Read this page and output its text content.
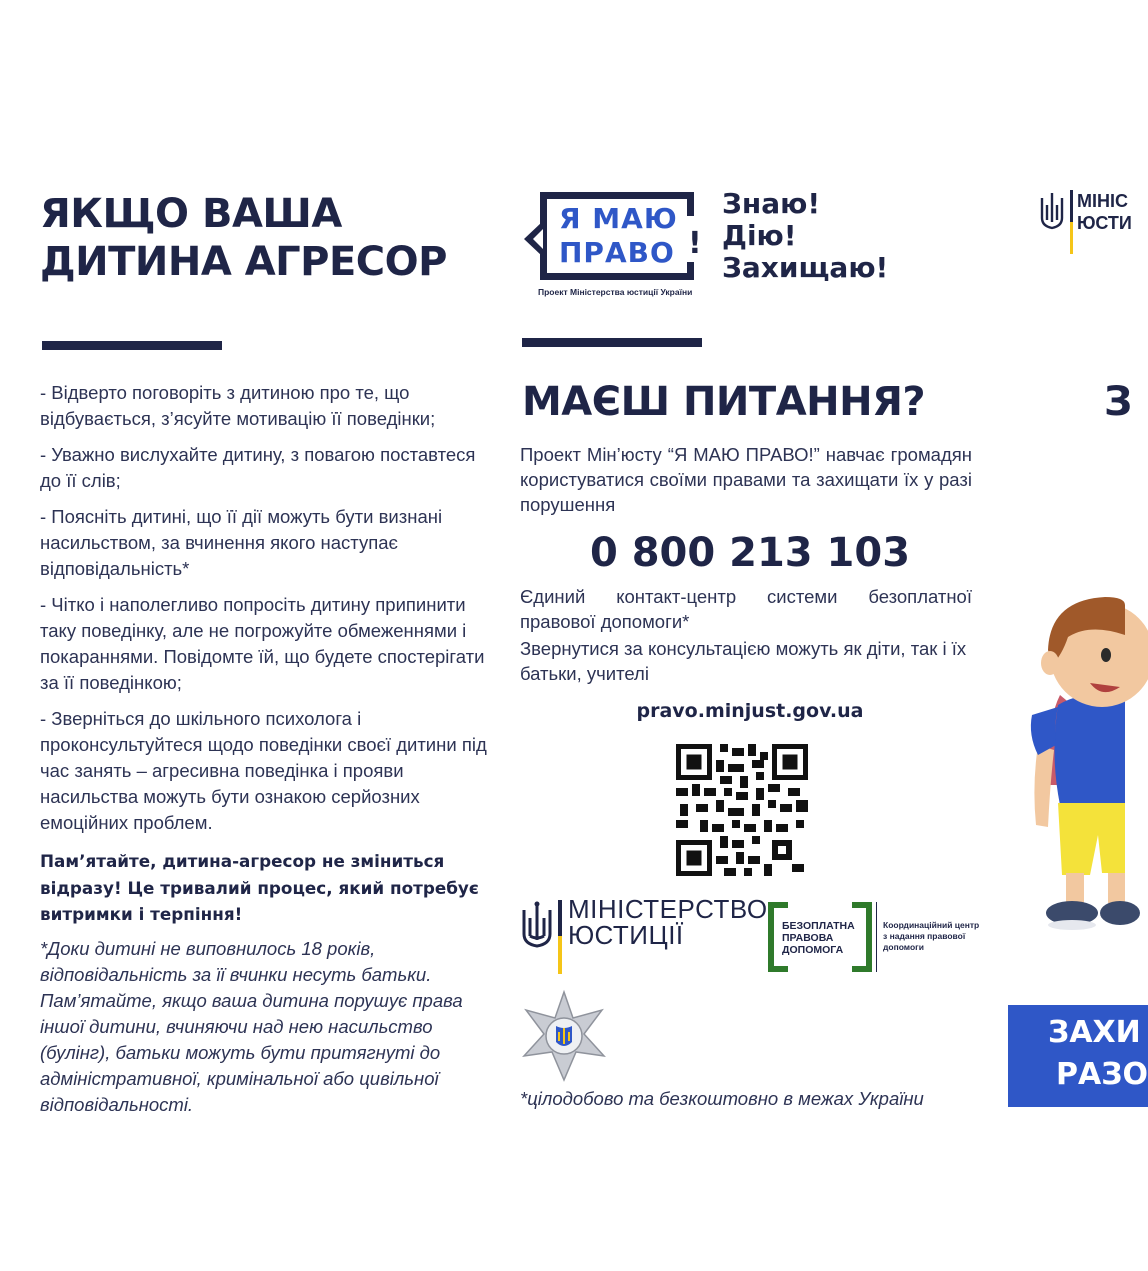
ЯКЩО ВАША
ДИТИНА АГРЕСОР

- Відверто поговоріть з дитиною про те, що відбувається, з’ясуйте мотивацію її поведінки;

- Уважно вислухайте дитину, з повагою поставтеся до її слів;

- Поясніть дитині, що її дії можуть бути визнані насильством, за вчинення якого наступає відповідальність*

- Чітко і наполегливо попросіть дитину припинити таку поведінку, але не погрожуйте обмеженнями і покараннями. Повідомте їй, що будете спостерігати за її поведінкою;

- Зверніться до шкільного психолога і проконсультуйтеся щодо поведінки своєї дитини під час занять – агресивна поведінка і прояви насильства можуть бути ознакою серйозних емоційних проблем.

Пам’ятайте, дитина-агресор не зміниться відразу! Це тривалий процес, який потребує витримки і терпіння!

*Доки дитині не виповнилось 18 років, відповідальність за її вчинки несуть батьки. Пам’ятайте, якщо ваша дитина порушує права іншої дитини, вчиняючи над нею насильство (булінг), батьки можуть бути притягнуті до адміністративної, кримінальної або цивільної відповідальності.

Я МАЮ
ПРАВО !
Проект Міністерства юстиції України
Знаю!
Дію!
Захищаю!
МАЄШ ПИТАННЯ?

Проект Мін’юсту “Я МАЮ ПРАВО!” навчає громадян користуватися своїми правами та захищати їх у разі порушення

0 800 213 103

Єдиний контакт-центр системи безоплатної правової допомоги*

Звернутися за консультацією можуть як діти, так і їх батьки, учителі

pravo.minjust.gov.ua
МІНІСТЕРСТВО
ЮСТИЦІЇ	БЕЗОПЛАТНА
ПРАВОВА
ДОПОМОГА
Координаційний центр з надання правової допомоги
*цілодобово та безкоштовно в межах України
МІНІС
ЮСТИ
З
ЗАХИ
РАЗО
